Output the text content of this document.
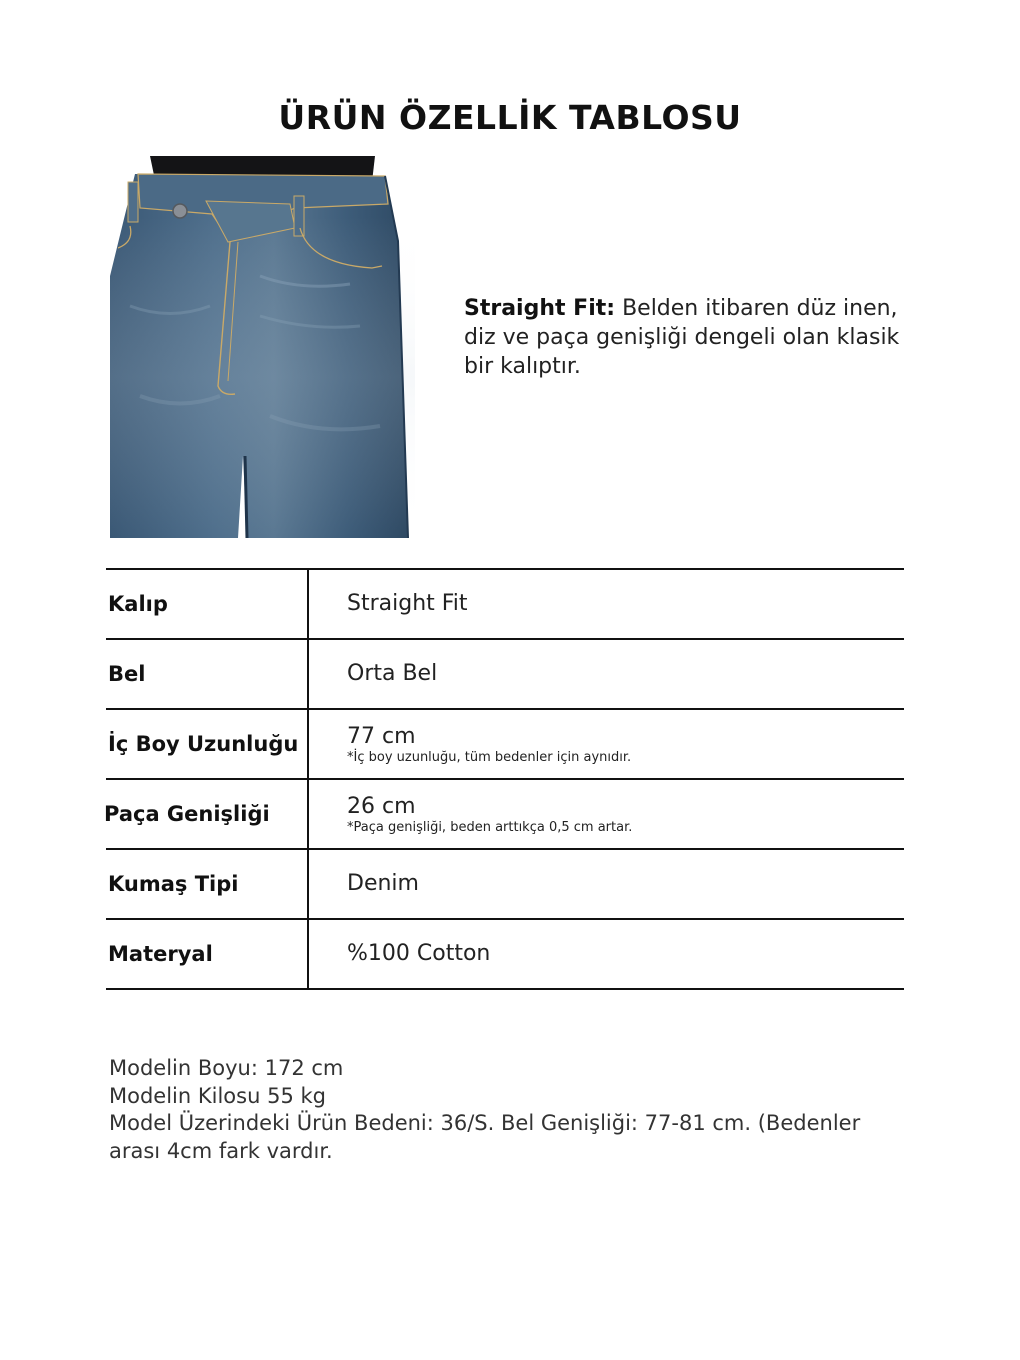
ÜRÜN ÖZELLİK TABLOSU
Straight Fit: Belden itibaren düz inen, diz ve paça genişliği dengeli olan klasik bir kalıptır.
Kalıp	Straight Fit
Bel	Orta Bel
İç Boy Uzunluğu	77 cm
*İç boy uzunluğu, tüm bedenler için aynıdır.
Paça Genişliği	26 cm
*Paça genişliği, beden arttıkça 0,5 cm artar.
Kumaş Tipi	Denim
Materyal	%100 Cotton
Modelin Boyu: 172 cm
Modelin Kilosu 55 kg
Model Üzerindeki Ürün Bedeni: 36/S. Bel Genişliği: 77-81 cm. (Bedenler arası 4cm fark vardır.
